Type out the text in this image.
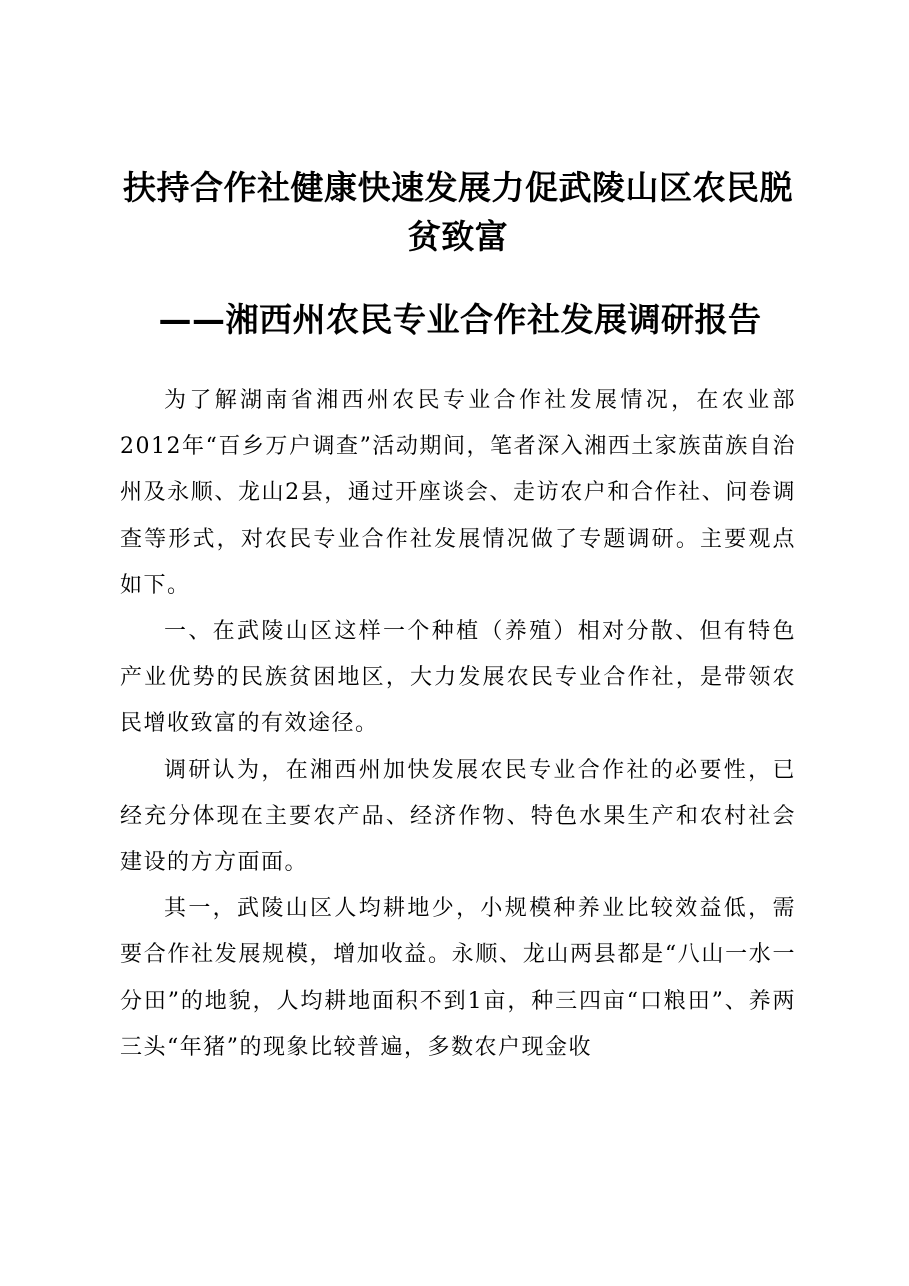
扶持合作社健康快速发展力促武陵山区农民脱
贫致富
——湘西州农民专业合作社发展调研报告

为了解湖南省湘西州农民专业合作社发展情况，在农业部2012年“百乡万户调查”活动期间，笔者深入湘西土家族苗族自治州及永顺、龙山2县，通过开座谈会、走访农户和合作社、问卷调查等形式，对农民专业合作社发展情况做了专题调研。主要观点如下。

一、在武陵山区这样一个种植（养殖）相对分散、但有特色产业优势的民族贫困地区，大力发展农民专业合作社，是带领农民增收致富的有效途径。

调研认为，在湘西州加快发展农民专业合作社的必要性，已经充分体现在主要农产品、经济作物、特色水果生产和农村社会建设的方方面面。

其一，武陵山区人均耕地少，小规模种养业比较效益低，需要合作社发展规模，增加收益。永顺、龙山两县都是“八山一水一分田”的地貌，人均耕地面积不到1亩，种三四亩“口粮田”、养两三头“年猪”的现象比较普遍，多数农户现金收
